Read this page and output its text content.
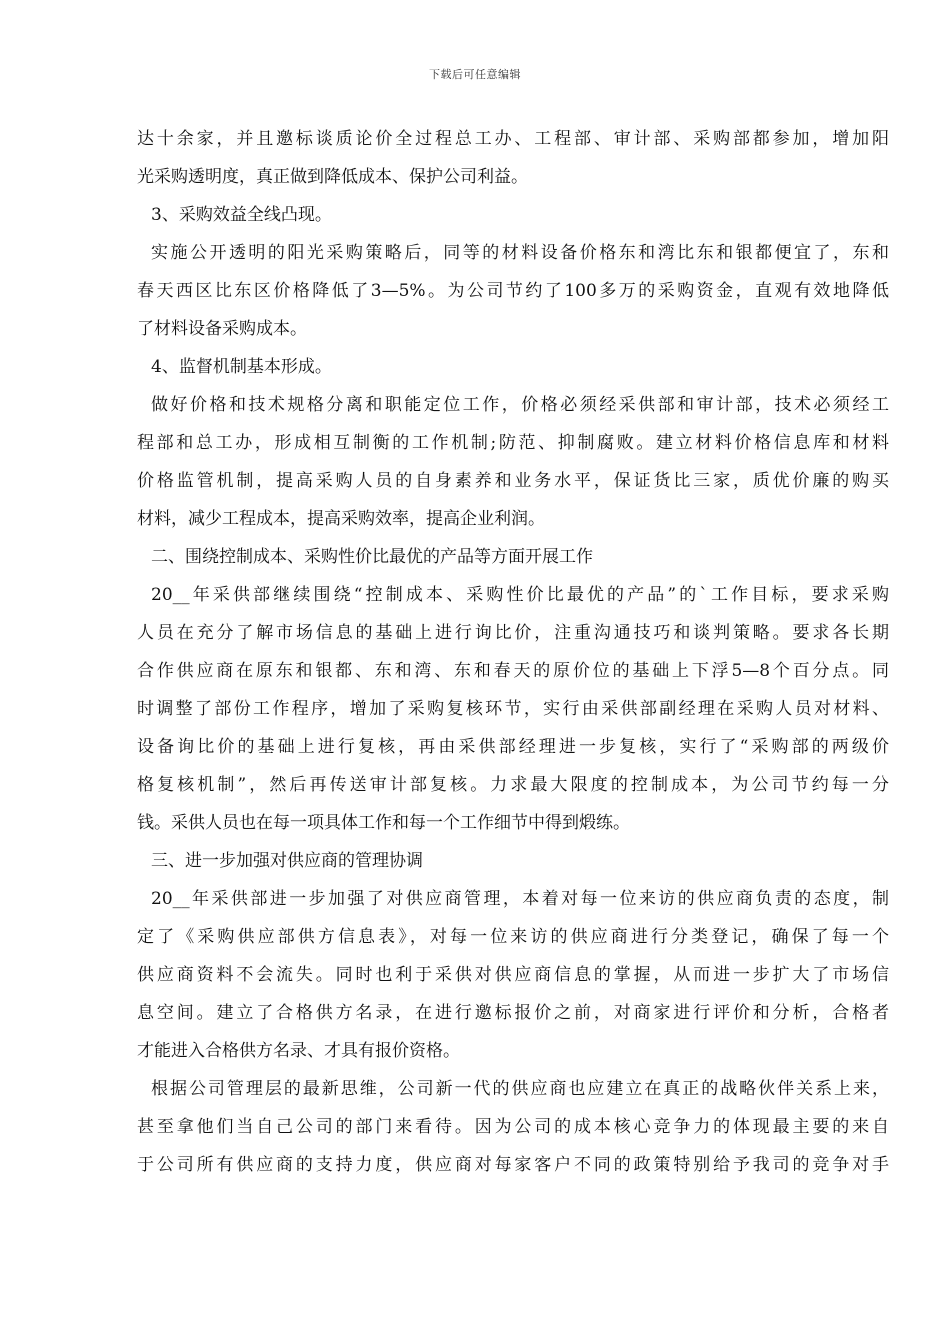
下载后可任意编辑
达十余家，并且邀标谈质论价全过程总工办、工程部、审计部、采购部都参加，增加阳
光采购透明度，真正做到降低成本、保护公司利益。
3、采购效益全线凸现。
实施公开透明的阳光采购策略后，同等的材料设备价格东和湾比东和银都便宜了，东和
春天西区比东区价格降低了3—5%。为公司节约了100多万的采购资金，直观有效地降低
了材料设备采购成本。
4、监督机制基本形成。
做好价格和技术规格分离和职能定位工作，价格必须经采供部和审计部，技术必须经工
程部和总工办，形成相互制衡的工作机制;防范、抑制腐败。建立材料价格信息库和材料
价格监管机制，提高采购人员的自身素养和业务水平，保证货比三家，质优价廉的购买
材料，减少工程成本，提高采购效率，提高企业利润。
二、围绕控制成本、采购性价比最优的产品等方面开展工作
20__年采供部继续围绕“控制成本、采购性价比最优的产品”的`工作目标，要求采购
人员在充分了解市场信息的基础上进行询比价，注重沟通技巧和谈判策略。要求各长期
合作供应商在原东和银都、东和湾、东和春天的原价位的基础上下浮5—8个百分点。同
时调整了部份工作程序，增加了采购复核环节，实行由采供部副经理在采购人员对材料、
设备询比价的基础上进行复核，再由采供部经理进一步复核，实行了“采购部的两级价
格复核机制”，然后再传送审计部复核。力求最大限度的控制成本，为公司节约每一分
钱。采供人员也在每一项具体工作和每一个工作细节中得到煅练。
三、进一步加强对供应商的管理协调
20__年采供部进一步加强了对供应商管理，本着对每一位来访的供应商负责的态度，制
定了《采购供应部供方信息表》，对每一位来访的供应商进行分类登记，确保了每一个
供应商资料不会流失。同时也利于采供对供应商信息的掌握，从而进一步扩大了市场信
息空间。建立了合格供方名录，在进行邀标报价之前，对商家进行评价和分析，合格者
才能进入合格供方名录、才具有报价资格。
根据公司管理层的最新思维，公司新一代的供应商也应建立在真正的战略伙伴关系上来，
甚至拿他们当自己公司的部门来看待。因为公司的成本核心竞争力的体现最主要的来自
于公司所有供应商的支持力度，供应商对每家客户不同的政策特别给予我司的竞争对手
